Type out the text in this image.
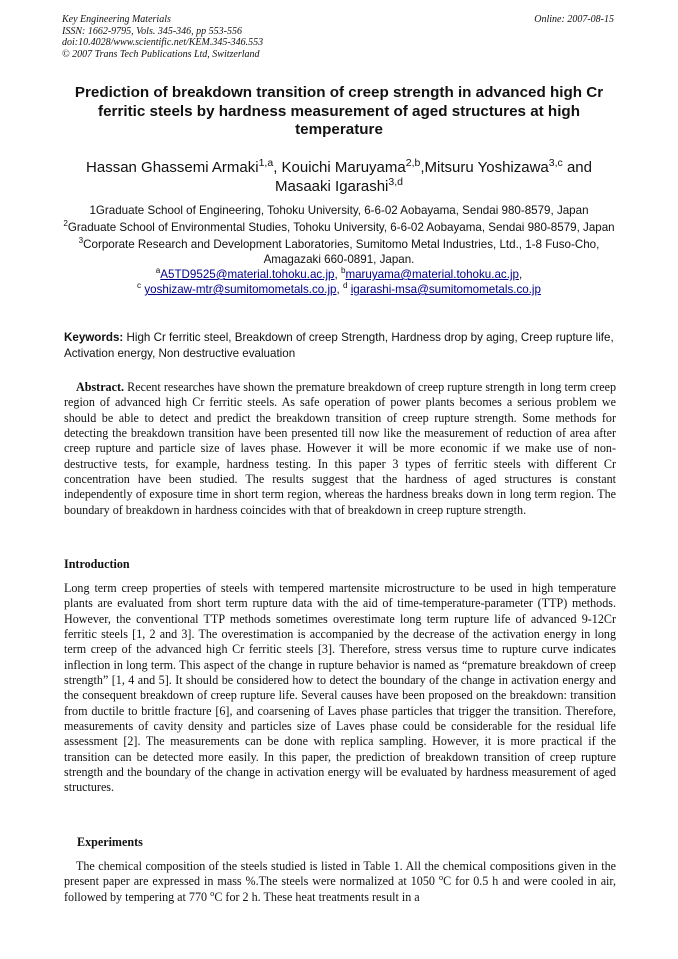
Key Engineering Materials
ISSN: 1662-9795, Vols. 345-346, pp 553-556
doi:10.4028/www.scientific.net/KEM.345-346.553
© 2007 Trans Tech Publications Ltd, Switzerland
Online: 2007-08-15
Prediction of breakdown transition of creep strength in advanced high Cr ferritic steels by hardness measurement of aged structures at high temperature
Hassan Ghassemi Armaki$^{1,a}$, Kouichi Maruyama$^{2,b}$,Mitsuru Yoshizawa$^{3,c}$ and
Masaaki Igarashi$^{3,d}$

1Graduate School of Engineering, Tohoku University, 6-6-02 Aobayama, Sendai 980-8579, Japan

$^2$Graduate School of Environmental Studies, Tohoku University, 6-6-02 Aobayama, Sendai 980-8579, Japan

$^3$Corporate Research and Development Laboratories, Sumitomo Metal Industries, Ltd., 1-8 Fuso-Cho, Amagazaki 660-0891, Japan.

$^a$A5TD9525@material.tohoku.ac.jp, $^b$maruyama@material.tohoku.ac.jp,
$^c$ yoshizaw-mtr@sumitomometals.co.jp, $^d$ igarashi-msa@sumitomometals.co.jp
Keywords: High Cr ferritic steel, Breakdown of creep Strength, Hardness drop by aging, Creep rupture life, Activation energy, Non destructive evaluation
Abstract. Recent researches have shown the premature breakdown of creep rupture strength in long term creep region of advanced high Cr ferritic steels. As safe operation of power plants becomes a serious problem we should be able to detect and predict the breakdown transition of creep rupture strength. Some methods for detecting the breakdown transition have been presented till now like the measurement of reduction of area after creep rupture and particle size of laves phase. However it will be more economic if we make use of non-destructive tests, for example, hardness testing. In this paper 3 types of ferritic steels with different Cr concentration have been studied. The results suggest that the hardness of aged structures is constant independently of exposure time in short term region, whereas the hardness breaks down in long term region. The boundary of breakdown in hardness coincides with that of breakdown in creep rupture strength.
Introduction
Long term creep properties of steels with tempered martensite microstructure to be used in high temperature plants are evaluated from short term rupture data with the aid of time-temperature-parameter (TTP) methods. However, the conventional TTP methods sometimes overestimate long term rupture life of advanced 9-12Cr ferritic steels [1, 2 and 3]. The overestimation is accompanied by the decrease of the activation energy in long term creep of the advanced high Cr ferritic steels [3]. Therefore, stress versus time to rupture curve indicates inflection in long term. This aspect of the change in rupture behavior is named as “premature breakdown of creep strength” [1, 4 and 5]. It should be considered how to detect the boundary of the change in activation energy and the consequent breakdown of creep rupture life. Several causes have been proposed on the breakdown: transition from ductile to brittle fracture [6], and coarsening of Laves phase particles that trigger the transition. Therefore, measurements of cavity density and particles size of Laves phase could be considerable for the residual life assessment [2]. The measurements can be done with replica sampling. However, it is more practical if the transition can be detected more easily. In this paper, the prediction of breakdown transition of creep rupture strength and the boundary of the change in activation energy will be evaluated by hardness measurement of aged structures.
Experiments
The chemical composition of the steels studied is listed in Table 1. All the chemical compositions given in the present paper are expressed in mass %.The steels were normalized at 1050 $^o$C for 0.5 h and were cooled in air, followed by tempering at 770 $^o$C for 2 h. These heat treatments result in a
